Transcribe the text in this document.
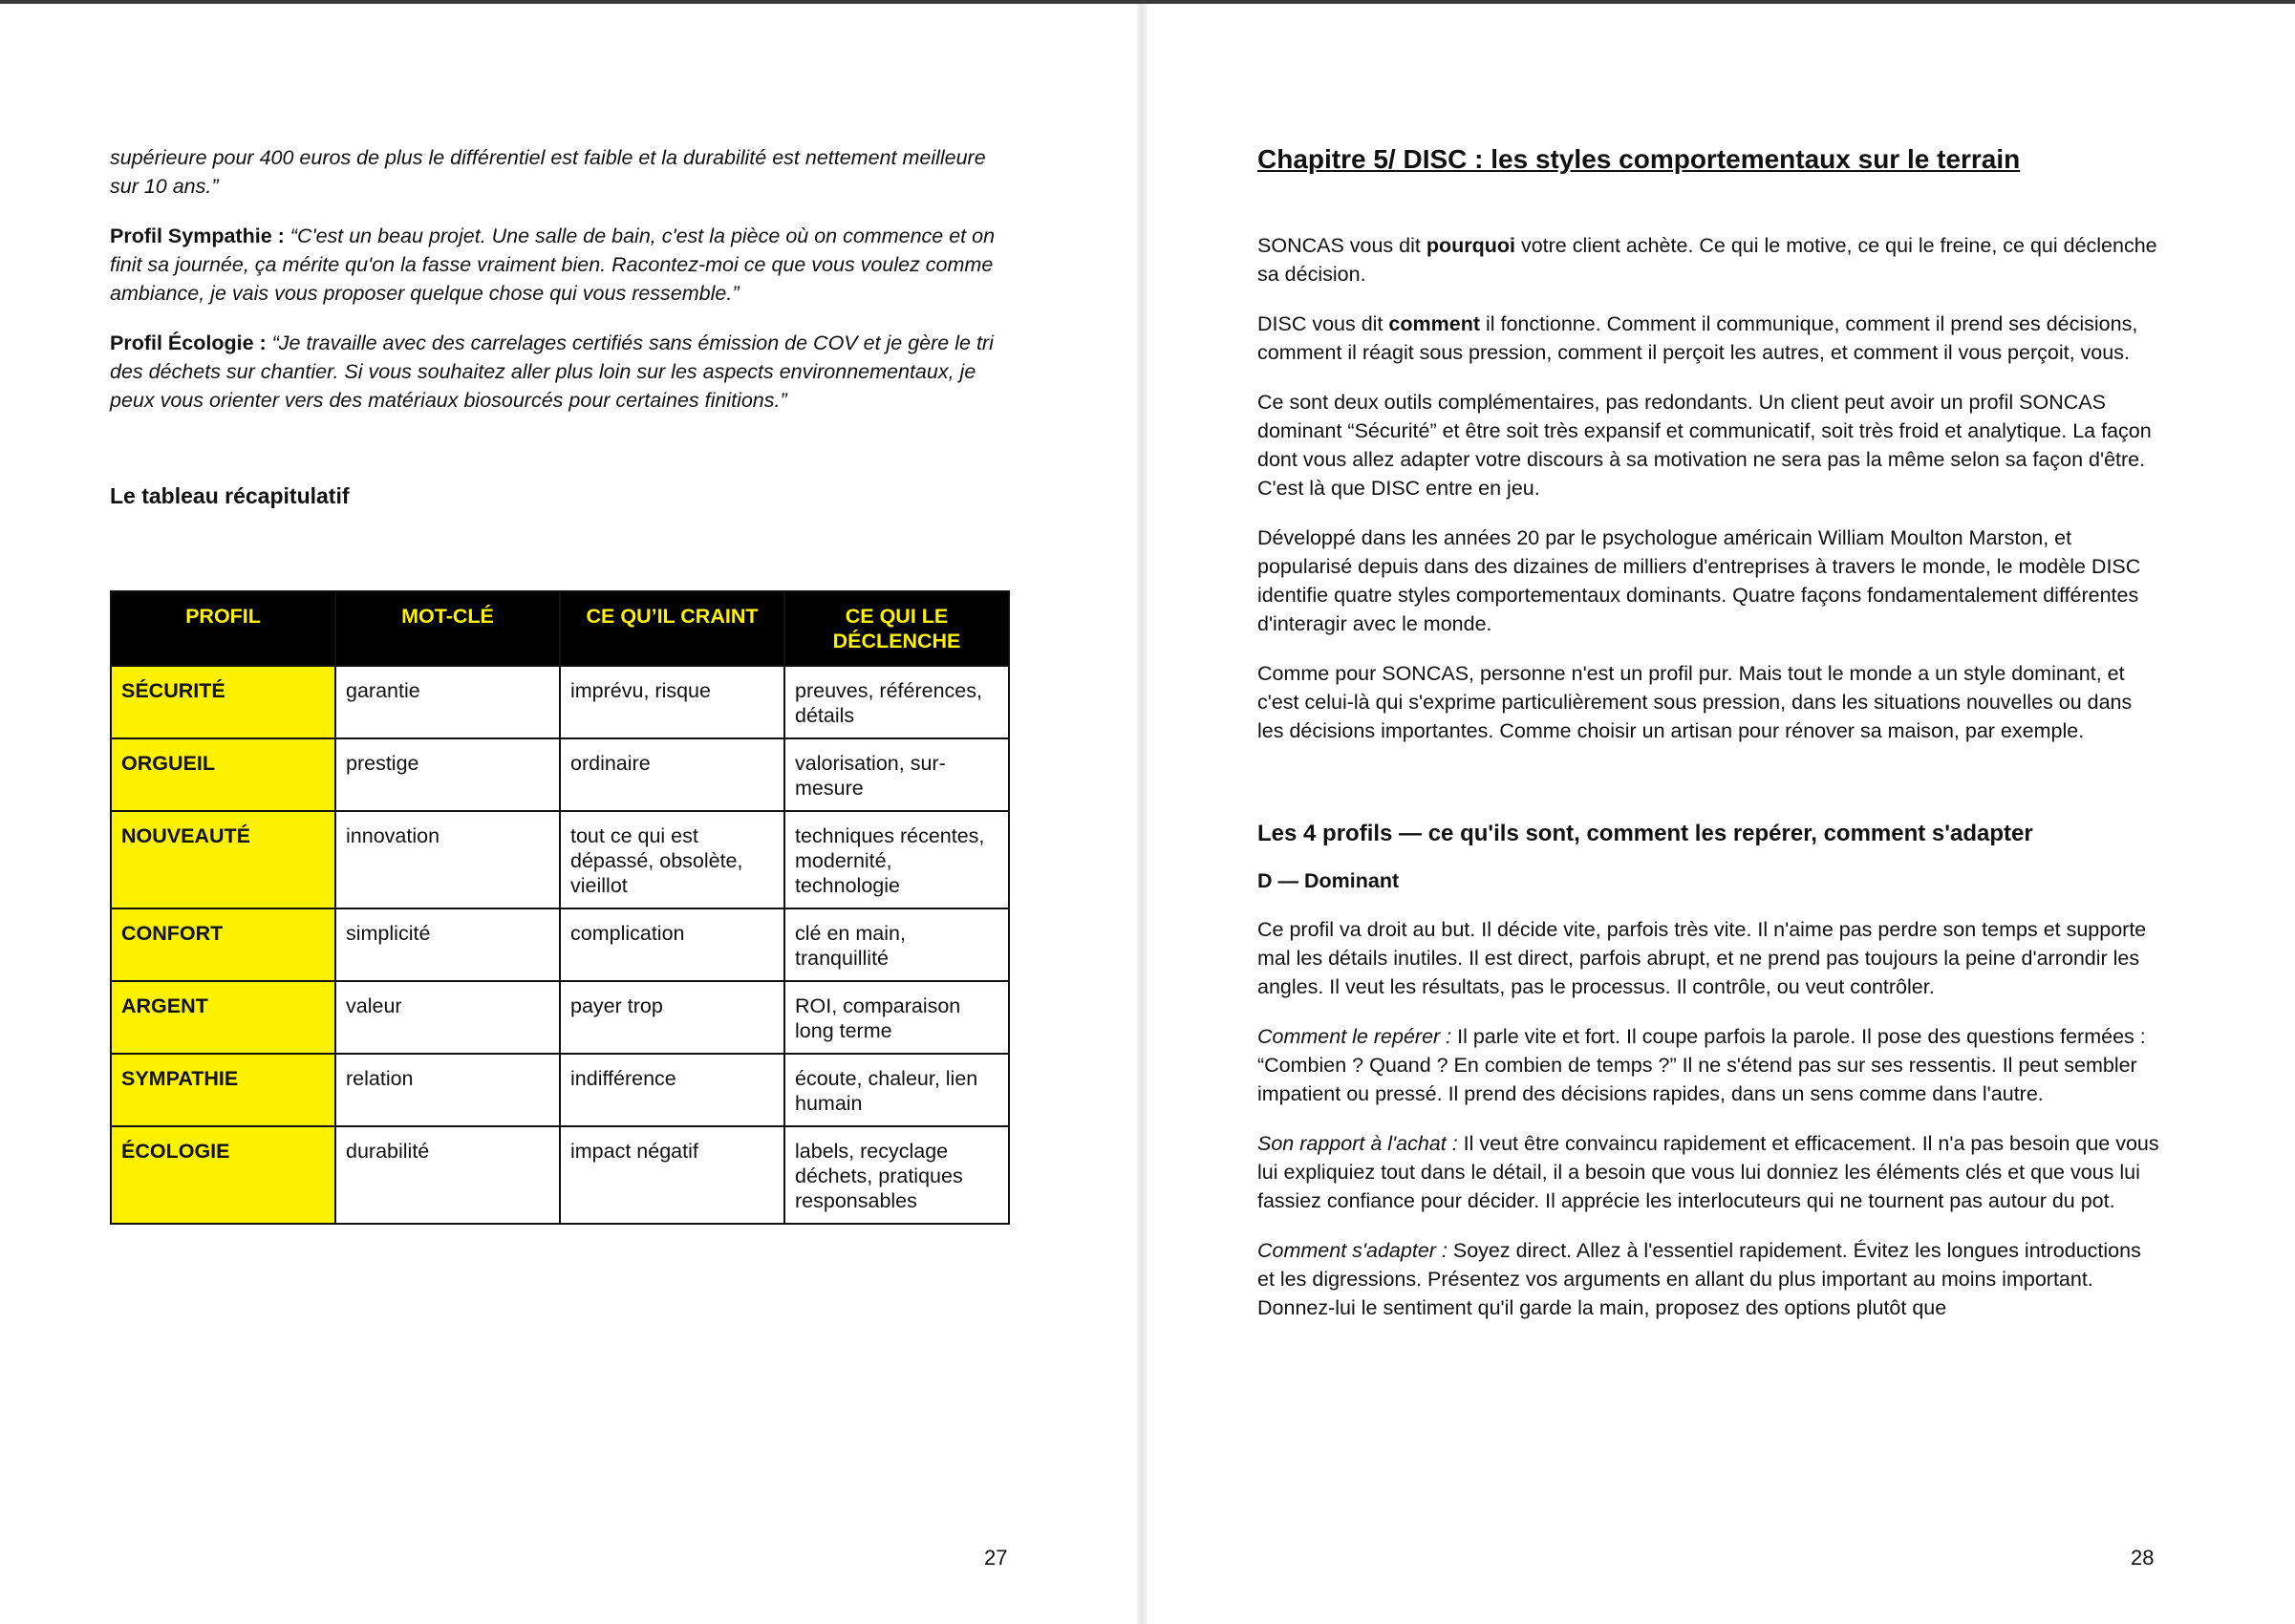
supérieure pour 400 euros de plus le différentiel est faible et la durabilité est nettement meilleure sur 10 ans.”

Profil Sympathie : “C'est un beau projet. Une salle de bain, c'est la pièce où on commence et on finit sa journée, ça mérite qu'on la fasse vraiment bien. Racontez-moi ce que vous voulez comme ambiance, je vais vous proposer quelque chose qui vous ressemble.”

Profil Écologie : “Je travaille avec des carrelages certifiés sans émission de COV et je gère le tri des déchets sur chantier. Si vous souhaitez aller plus loin sur les aspects environnementaux, je peux vous orienter vers des matériaux biosourcés pour certaines finitions.”

Le tableau récapitulatif

PROFIL	MOT-CLÉ	CE QU’IL CRAINT	CE QUI LE DÉCLENCHE
SÉCURITÉ	garantie	imprévu, risque	preuves, références, détails
ORGUEIL	prestige	ordinaire	valorisation, sur-mesure
NOUVEAUTÉ	innovation	tout ce qui est dépassé, obsolète, vieillot	techniques récentes, modernité, technologie
CONFORT	simplicité	complication	clé en main, tranquillité
ARGENT	valeur	payer trop	ROI, comparaison long terme
SYMPATHIE	relation	indifférence	écoute, chaleur, lien humain
ÉCOLOGIE	durabilité	impact négatif	labels, recyclage déchets, pratiques responsables
27
Chapitre 5/ DISC : les styles comportementaux sur le terrain

SONCAS vous dit pourquoi votre client achète. Ce qui le motive, ce qui le freine, ce qui déclenche sa décision.

DISC vous dit comment il fonctionne. Comment il communique, comment il prend ses décisions, comment il réagit sous pression, comment il perçoit les autres, et comment il vous perçoit, vous.

Ce sont deux outils complémentaires, pas redondants. Un client peut avoir un profil SONCAS dominant “Sécurité” et être soit très expansif et communicatif, soit très froid et analytique. La façon dont vous allez adapter votre discours à sa motivation ne sera pas la même selon sa façon d'être. C'est là que DISC entre en jeu.

Développé dans les années 20 par le psychologue américain William Moulton Marston, et popularisé depuis dans des dizaines de milliers d'entreprises à travers le monde, le modèle DISC identifie quatre styles comportementaux dominants. Quatre façons fondamentalement différentes d'interagir avec le monde.

Comme pour SONCAS, personne n'est un profil pur. Mais tout le monde a un style dominant, et c'est celui-là qui s'exprime particulièrement sous pression, dans les situations nouvelles ou dans les décisions importantes. Comme choisir un artisan pour rénover sa maison, par exemple.

Les 4 profils — ce qu'ils sont, comment les repérer, comment s'adapter
D — Dominant

Ce profil va droit au but. Il décide vite, parfois très vite. Il n'aime pas perdre son temps et supporte mal les détails inutiles. Il est direct, parfois abrupt, et ne prend pas toujours la peine d'arrondir les angles. Il veut les résultats, pas le processus. Il contrôle, ou veut contrôler.

Comment le repérer : Il parle vite et fort. Il coupe parfois la parole. Il pose des questions fermées : “Combien ? Quand ? En combien de temps ?” Il ne s'étend pas sur ses ressentis. Il peut sembler impatient ou pressé. Il prend des décisions rapides, dans un sens comme dans l'autre.

Son rapport à l'achat : Il veut être convaincu rapidement et efficacement. Il n'a pas besoin que vous lui expliquiez tout dans le détail, il a besoin que vous lui donniez les éléments clés et que vous lui fassiez confiance pour décider. Il apprécie les interlocuteurs qui ne tournent pas autour du pot.

Comment s'adapter : Soyez direct. Allez à l'essentiel rapidement. Évitez les longues introductions et les digressions. Présentez vos arguments en allant du plus important au moins important. Donnez-lui le sentiment qu'il garde la main, proposez des options plutôt que

28
